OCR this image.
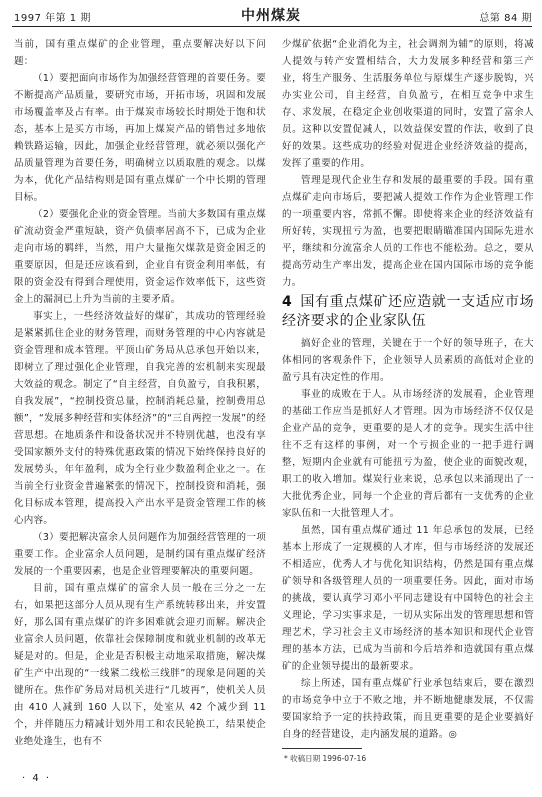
1997 年第 1 期	中州煤炭	总第 84 期

当前，国有重点煤矿的企业管理，重点要解决好以下问题：

（1）要把面向市场作为加强经营管理的首要任务。要不断提高产品质量，要研究市场，开拓市场，巩固和发展市场覆盖率及占有率。由于煤炭市场较长时期处于饱和状态，基本上是买方市场，再加上煤炭产品的销售过多地依赖铁路运输，因此，加强企业经营管理，就必须以强化产品质量管理为首要任务，明确树立以质取胜的观念。以煤为本，优化产品结构则是国有重点煤矿一个中长期的管理目标。

（2）要强化企业的资金管理。当前大多数国有重点煤矿流动资金严重短缺，资产负债率居高不下，已成为企业走向市场的羁绊，当然，用户大量拖欠煤款是资金困乏的重要原因，但是还应该看到，企业自有资金利用率低，有限的资金没有得到合理使用，资金运作效率低下，这些资金上的漏洞已上升为当前的主要矛盾。

事实上，一些经济效益好的煤矿，其成功的管理经验是紧紧抓住企业的财务管理，而财务管理的中心内容就是资金管理和成本管理。平顶山矿务局从总承包开始以来，即树立了理过强化企业管理，自我完善的宏机制来实现最大效益的观念。制定了“自主经营，自负盈亏，自我积累，自我发展”，“控制投资总量，控制消耗总量，控制费用总额”，“发展多种经营和实体经济”的“三自两控一发展”的经营思想。在地质条件和设备状况并不特别优越，也没有享受国家额外支付的特殊优惠政策的情况下始终保持良好的发展势头，年年盈利，成为全行业少数盈利企业之一。在当前全行业资金普遍紧张的情况下，控制投资和消耗，强化目标成本管理，提高投入产出水平是资金管理工作的核心内容。

（3）要把解决富余人员问题作为加强经营管理的一项重要工作。企业富余人员问题，是制约国有重点煤矿经济发展的一个重要因素，也是企业管理要解决的重要问题。

目前，国有重点煤矿的富余人员一般在三分之一左右，如果把这部分人员从现有生产系统转移出来，并安置好，那么国有重点煤矿的许多困难就会迎刃而解。解决企业富余人员问题，依靠社会保障制度和就业机制的改革无疑是对的。但是，企业是否积极主动地采取措施，解决煤矿生产中出现的“一线紧二线松三线胖”的现象是问题的关键所在。焦作矿务局对局机关进行“几坡再”，使机关人员由 410 人减到 160 人以下，处室从 42 个减少到 11 个，并伴随压力精减计划外用工和农民轮换工，结果使企业绝处逢生，也有不

少煤矿依据“企业消化为主，社会调剂为辅”的原则，将减人提效与转产安置相结合，大力发展多种经营和第三产业，将生产服务、生活服务单位与原煤生产逐步脱钩，兴办实业公司，自主经营，自负盈亏，在相互竞争中求生存、求发展，在稳定企业创收渠道的同时，安置了富余人员。这种以安置促减人，以效益保安置的作法，收到了良好的效果。这些成功的经验对促进企业经济效益的提高，发挥了重要的作用。

管理是现代企业生存和发展的最重要的手段。国有重点煤矿走向市场后，要把减人提效工作作为企业管理工作的一项重要内容，常抓不懈。即使将来企业的经济效益有所好转，实现扭亏为盈，也要把眼睛瞄准国内国际先进水平，继续和分流富余人员的工作也不能松劲。总之，要从提高劳动生产率出发，提高企业在国内国际市场的竞争能力。

4 国有重点煤矿还应造就一支适应市场经济要求的企业家队伍

搞好企业的管理，关键在于一个好的领导班子，在大体相同的客观条件下，企业领导人员素质的高低对企业的盈亏具有决定性的作用。

事业的成败在于人。从市场经济的发展看，企业管理的基础工作应当是抓好人才管理。因为市场经济不仅仅是企业产品的竞争，更重要的是人才的竞争。现实生活中往往不乏有这样的事例，对一个亏损企业的一把手进行调整，短期内企业就有可能扭亏为盈，使企业的面貌改观，职工的收入增加。煤炭行业来说，总承包以来涌现出了一大批优秀企业，同每一个企业的背后都有一支优秀的企业家队伍和一大批管理人才。

虽然，国有重点煤矿通过 11 年总承包的发展，已经基本上形成了一定规模的人才库，但与市场经济的发展还不相适应，优秀人才与优化知识结构，仍然是国有重点煤矿领导和各级管理人员的一项重要任务。因此，面对市场的挑战，要认真学习邓小平同志建设有中国特色的社会主义理论，学习实事求是，一切从实际出发的管理思想和管理艺术，学习社会主义市场经济的基本知识和现代企业管理的基本方法，已成为当前和今后培养和造就国有重点煤矿的企业领导提出的最新要求。

综上所述，国有重点煤矿行业承包结束后，要在激烈的市场竞争中立于不败之地，并不断地健康发展，不仅需要国家给予一定的扶持政策，而且更重要的是企业要搞好自身的经营建设，走内涵发展的道路。◎

* 收稿日期 1996-07-16
· 4 ·
